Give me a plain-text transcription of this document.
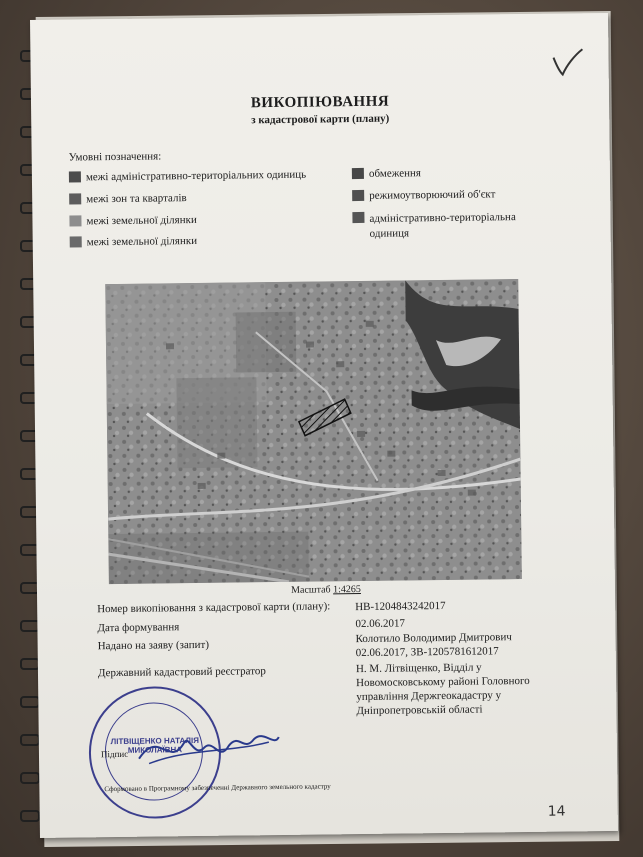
ВИКОПІЮВАННЯ
з кадастрової карти (плану)
Умовні позначення:
межі адміністративно-територіальних одиниць
межі зон та кварталів
межі земельної ділянки
межі земельної ділянки
обмеження
режимоутворюючий об'єкт
адміністративно-територіальна одиниця
Масштаб 1:4265
Номер викопіювання з кадастрової карти (плану): НВ-1204843242017
Дата формування	02.06.2017
Надано на заяву (запит)
Колотило Володимир Дмитрович 02.06.2017, ЗВ-1205781612017
Державний кадастровий реєстратор	Н. М. Літвіщенко, Відділ у Новомосковському районі Головного управління Держгеокадастру у Дніпропетровській області
ЛІТВІЩЕНКО НАТАЛІЯ МИКОЛАЇВНА
Підпис
Сформовано в Програмному забезпеченні Державного земельного кадастру
14
